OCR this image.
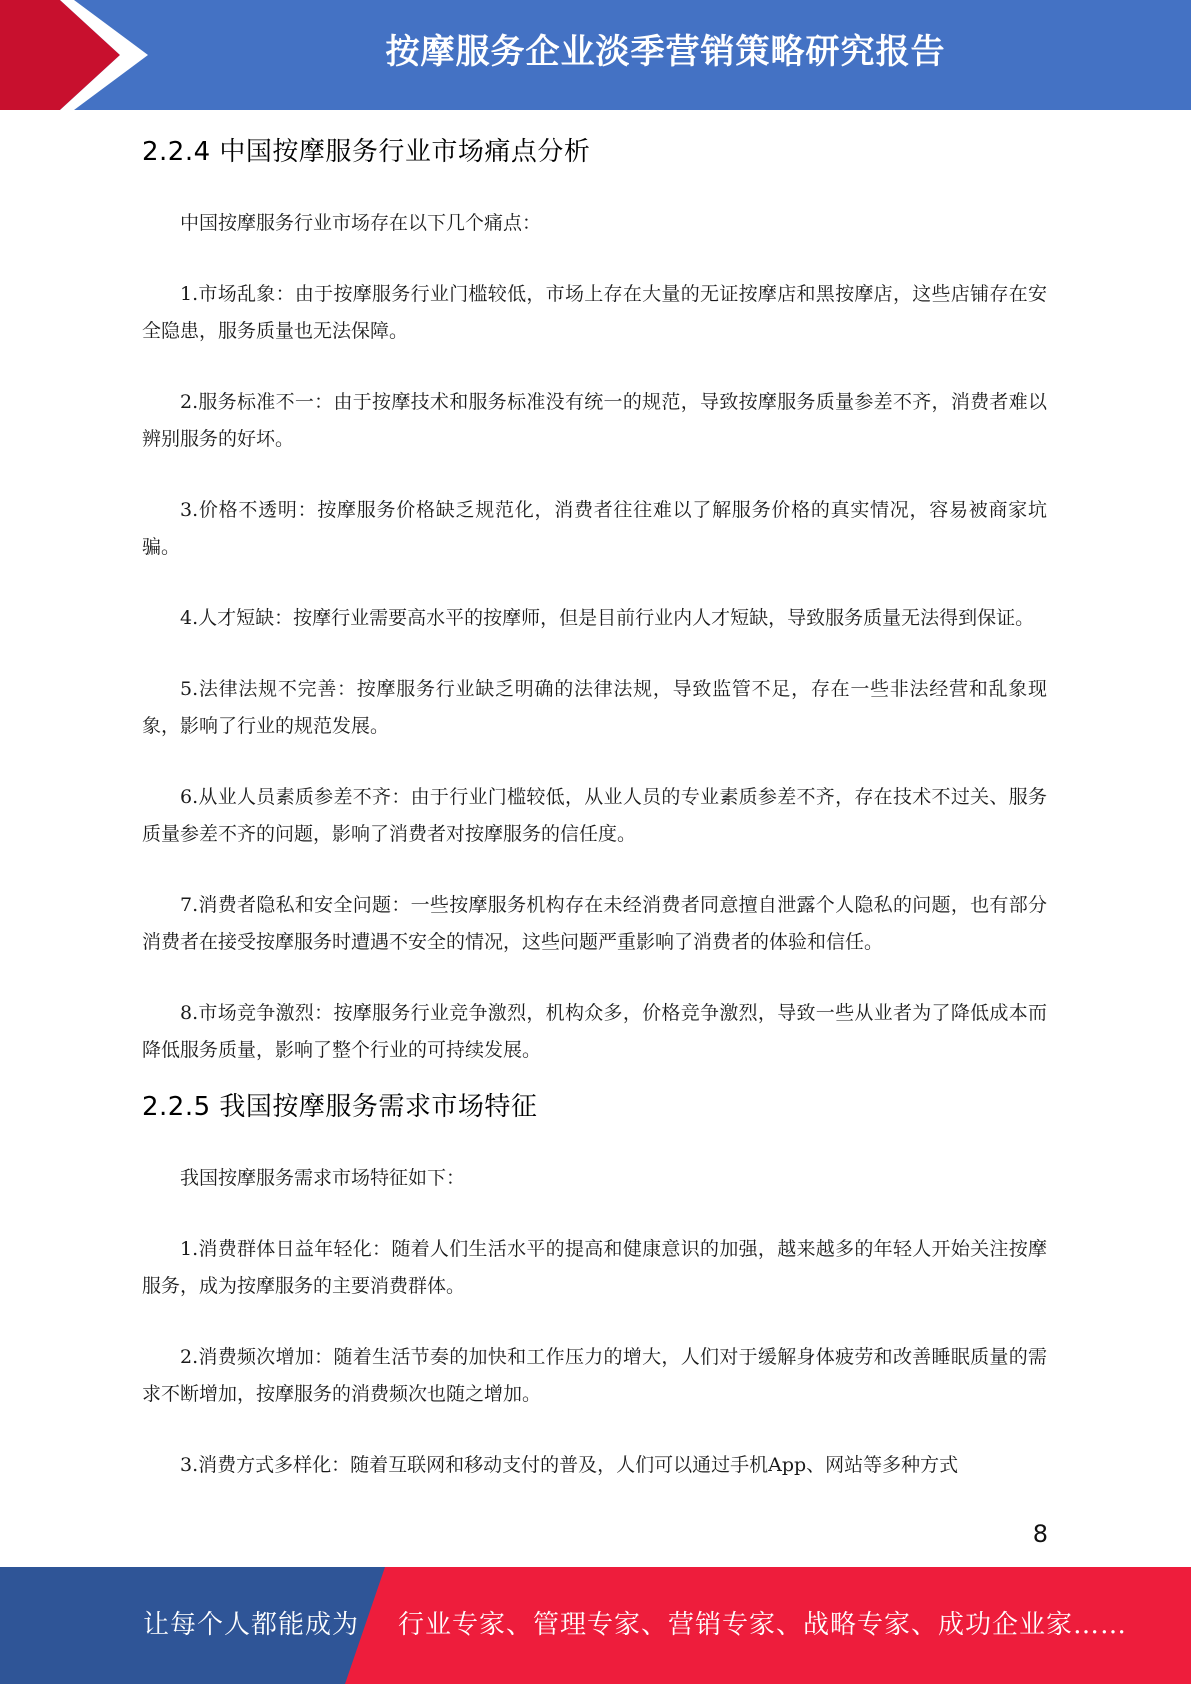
按摩服务企业淡季营销策略研究报告
2.2.4 中国按摩服务行业市场痛点分析

中国按摩服务行业市场存在以下几个痛点：

1.市场乱象：由于按摩服务行业门槛较低，市场上存在大量的无证按摩店和黑按摩店，这些店铺存在安全隐患，服务质量也无法保障。

2.服务标准不一：由于按摩技术和服务标准没有统一的规范，导致按摩服务质量参差不齐，消费者难以辨别服务的好坏。

3.价格不透明：按摩服务价格缺乏规范化，消费者往往难以了解服务价格的真实情况，容易被商家坑骗。

4.人才短缺：按摩行业需要高水平的按摩师，但是目前行业内人才短缺，导致服务质量无法得到保证。

5.法律法规不完善：按摩服务行业缺乏明确的法律法规，导致监管不足，存在一些非法经营和乱象现象，影响了行业的规范发展。

6.从业人员素质参差不齐：由于行业门槛较低，从业人员的专业素质参差不齐，存在技术不过关、服务质量参差不齐的问题，影响了消费者对按摩服务的信任度。

7.消费者隐私和安全问题：一些按摩服务机构存在未经消费者同意擅自泄露个人隐私的问题，也有部分消费者在接受按摩服务时遭遇不安全的情况，这些问题严重影响了消费者的体验和信任。

8.市场竞争激烈：按摩服务行业竞争激烈，机构众多，价格竞争激烈，导致一些从业者为了降低成本而降低服务质量，影响了整个行业的可持续发展。

2.2.5 我国按摩服务需求市场特征

我国按摩服务需求市场特征如下：

1.消费群体日益年轻化：随着人们生活水平的提高和健康意识的加强，越来越多的年轻人开始关注按摩服务，成为按摩服务的主要消费群体。

2.消费频次增加：随着生活节奏的加快和工作压力的增大，人们对于缓解身体疲劳和改善睡眠质量的需求不断增加，按摩服务的消费频次也随之增加。

3.消费方式多样化：随着互联网和移动支付的普及，人们可以通过手机App、网站等多种方式

8
让每个人都能成为 行业专家、管理专家、营销专家、战略专家、成功企业家……
